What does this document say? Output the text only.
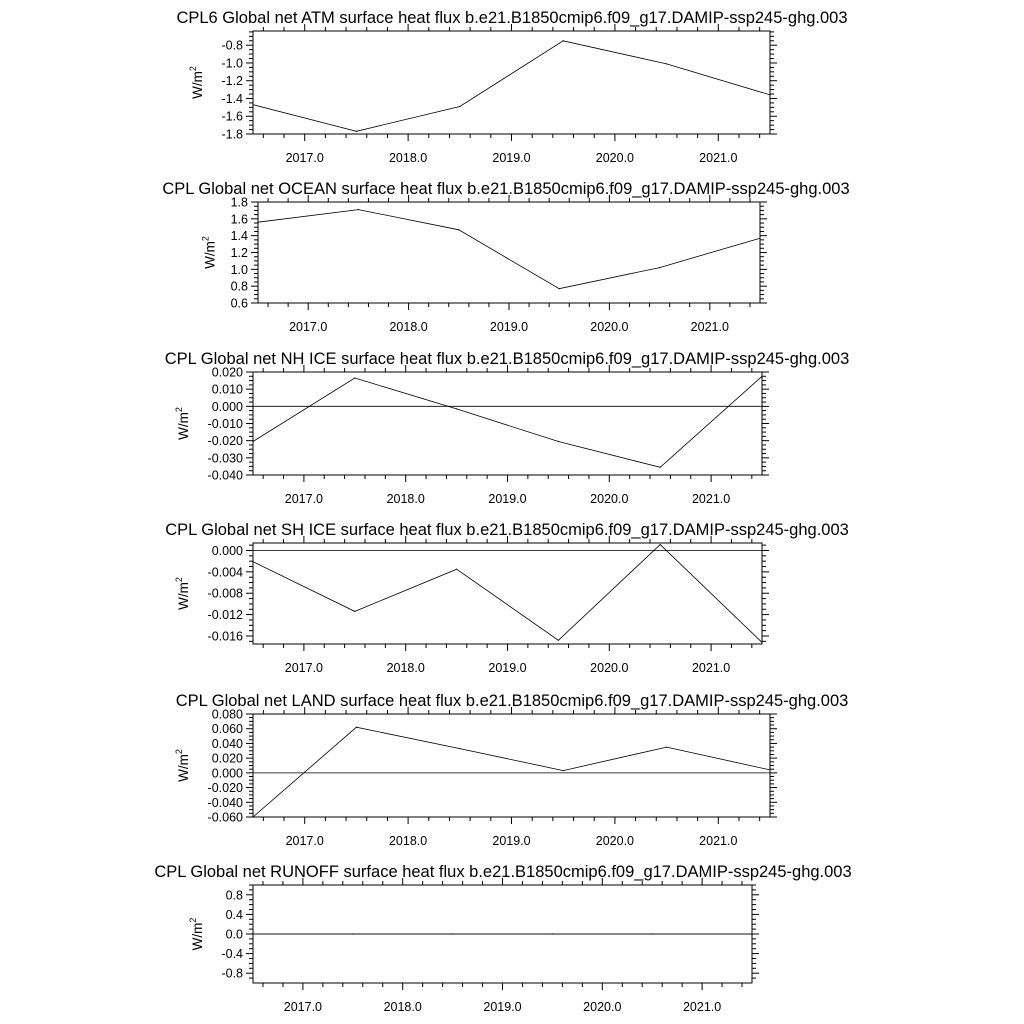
CPL6 Global net ATM surface heat flux b.e21.B1850cmip6.f09_g17.DAMIP-ssp245-ghg.003
2017.0	2018.0	2019.0	2020.0	2021.0
-1.8
-1.6
-1.4
-1.2
-1.0
-0.8
$W/m^2$
CPL Global net OCEAN surface heat flux b.e21.B1850cmip6.f09_g17.DAMIP-ssp245-ghg.003
2017.0	2018.0	2019.0	2020.0	2021.0
0.6
0.8
1.0
1.2
1.4
1.6
1.8
$W/m^2$
CPL Global net NH ICE surface heat flux b.e21.B1850cmip6.f09_g17.DAMIP-ssp245-ghg.003
2017.0	2018.0	2019.0	2020.0	2021.0
-0.040
-0.030
-0.020
-0.010
0.000
0.010
0.020
$W/m^2$
CPL Global net SH ICE surface heat flux b.e21.B1850cmip6.f09_g17.DAMIP-ssp245-ghg.003
2017.0	2018.0	2019.0	2020.0	2021.0
-0.016
-0.012
-0.008
-0.004
0.000
$W/m^2$
CPL Global net LAND surface heat flux b.e21.B1850cmip6.f09_g17.DAMIP-ssp245-ghg.003
2017.0	2018.0	2019.0	2020.0	2021.0
-0.060
-0.040
-0.020
0.000
0.020
0.040
0.060
0.080
$W/m^2$
CPL Global net RUNOFF surface heat flux b.e21.B1850cmip6.f09_g17.DAMIP-ssp245-ghg.003
2017.0	2018.0	2019.0	2020.0	2021.0
-0.8
-0.4
0.0
0.4
0.8
$W/m^2$
